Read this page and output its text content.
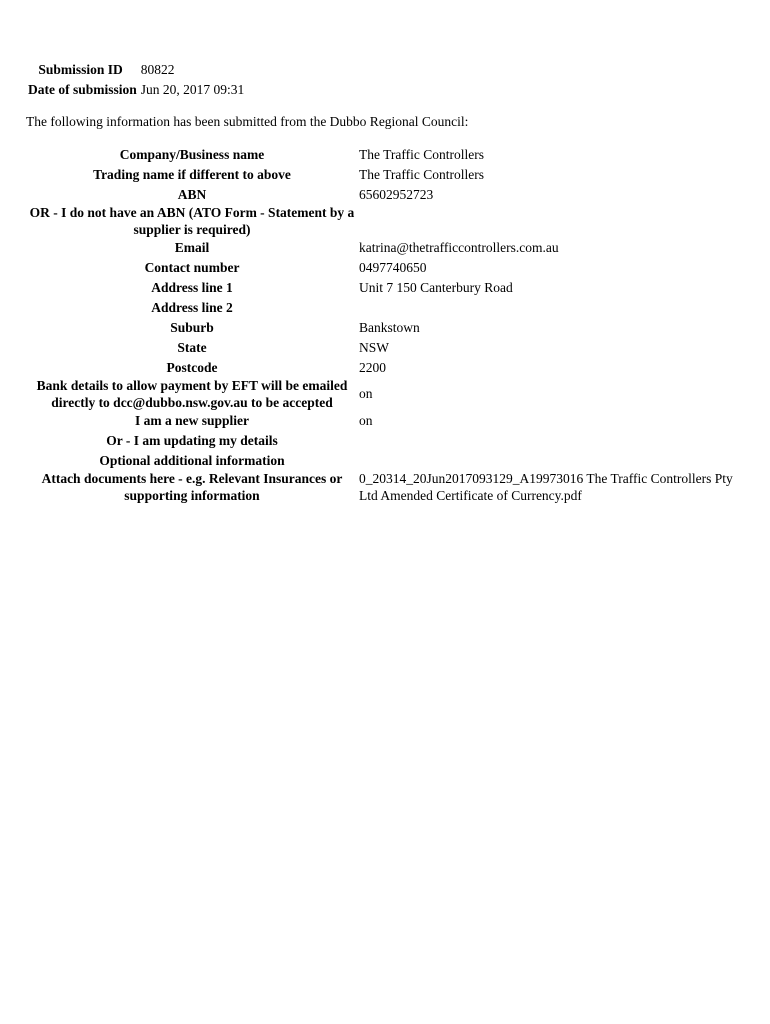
Submission ID	80822
Date of submission	Jun 20, 2017 09:31

The following information has been submitted from the Dubbo Regional Council:

Company/Business name	The Traffic Controllers
Trading name if different to above	The Traffic Controllers
ABN	65602952723
OR - I do not have an ABN (ATO Form - Statement by a supplier is required)	
Email	katrina@thetrafficcontrollers.com.au
Contact number	0497740650
Address line 1	Unit 7 150 Canterbury Road
Address line 2	
Suburb	Bankstown
State	NSW
Postcode	2200
Bank details to allow payment by EFT will be emailed directly to dcc@dubbo.nsw.gov.au to be accepted	on
I am a new supplier	on
Or - I am updating my details	
Optional additional information	
Attach documents here - e.g. Relevant Insurances or supporting information	0_20314_20Jun2017093129_A19973016 The Traffic Controllers Pty Ltd Amended Certificate of Currency.pdf
